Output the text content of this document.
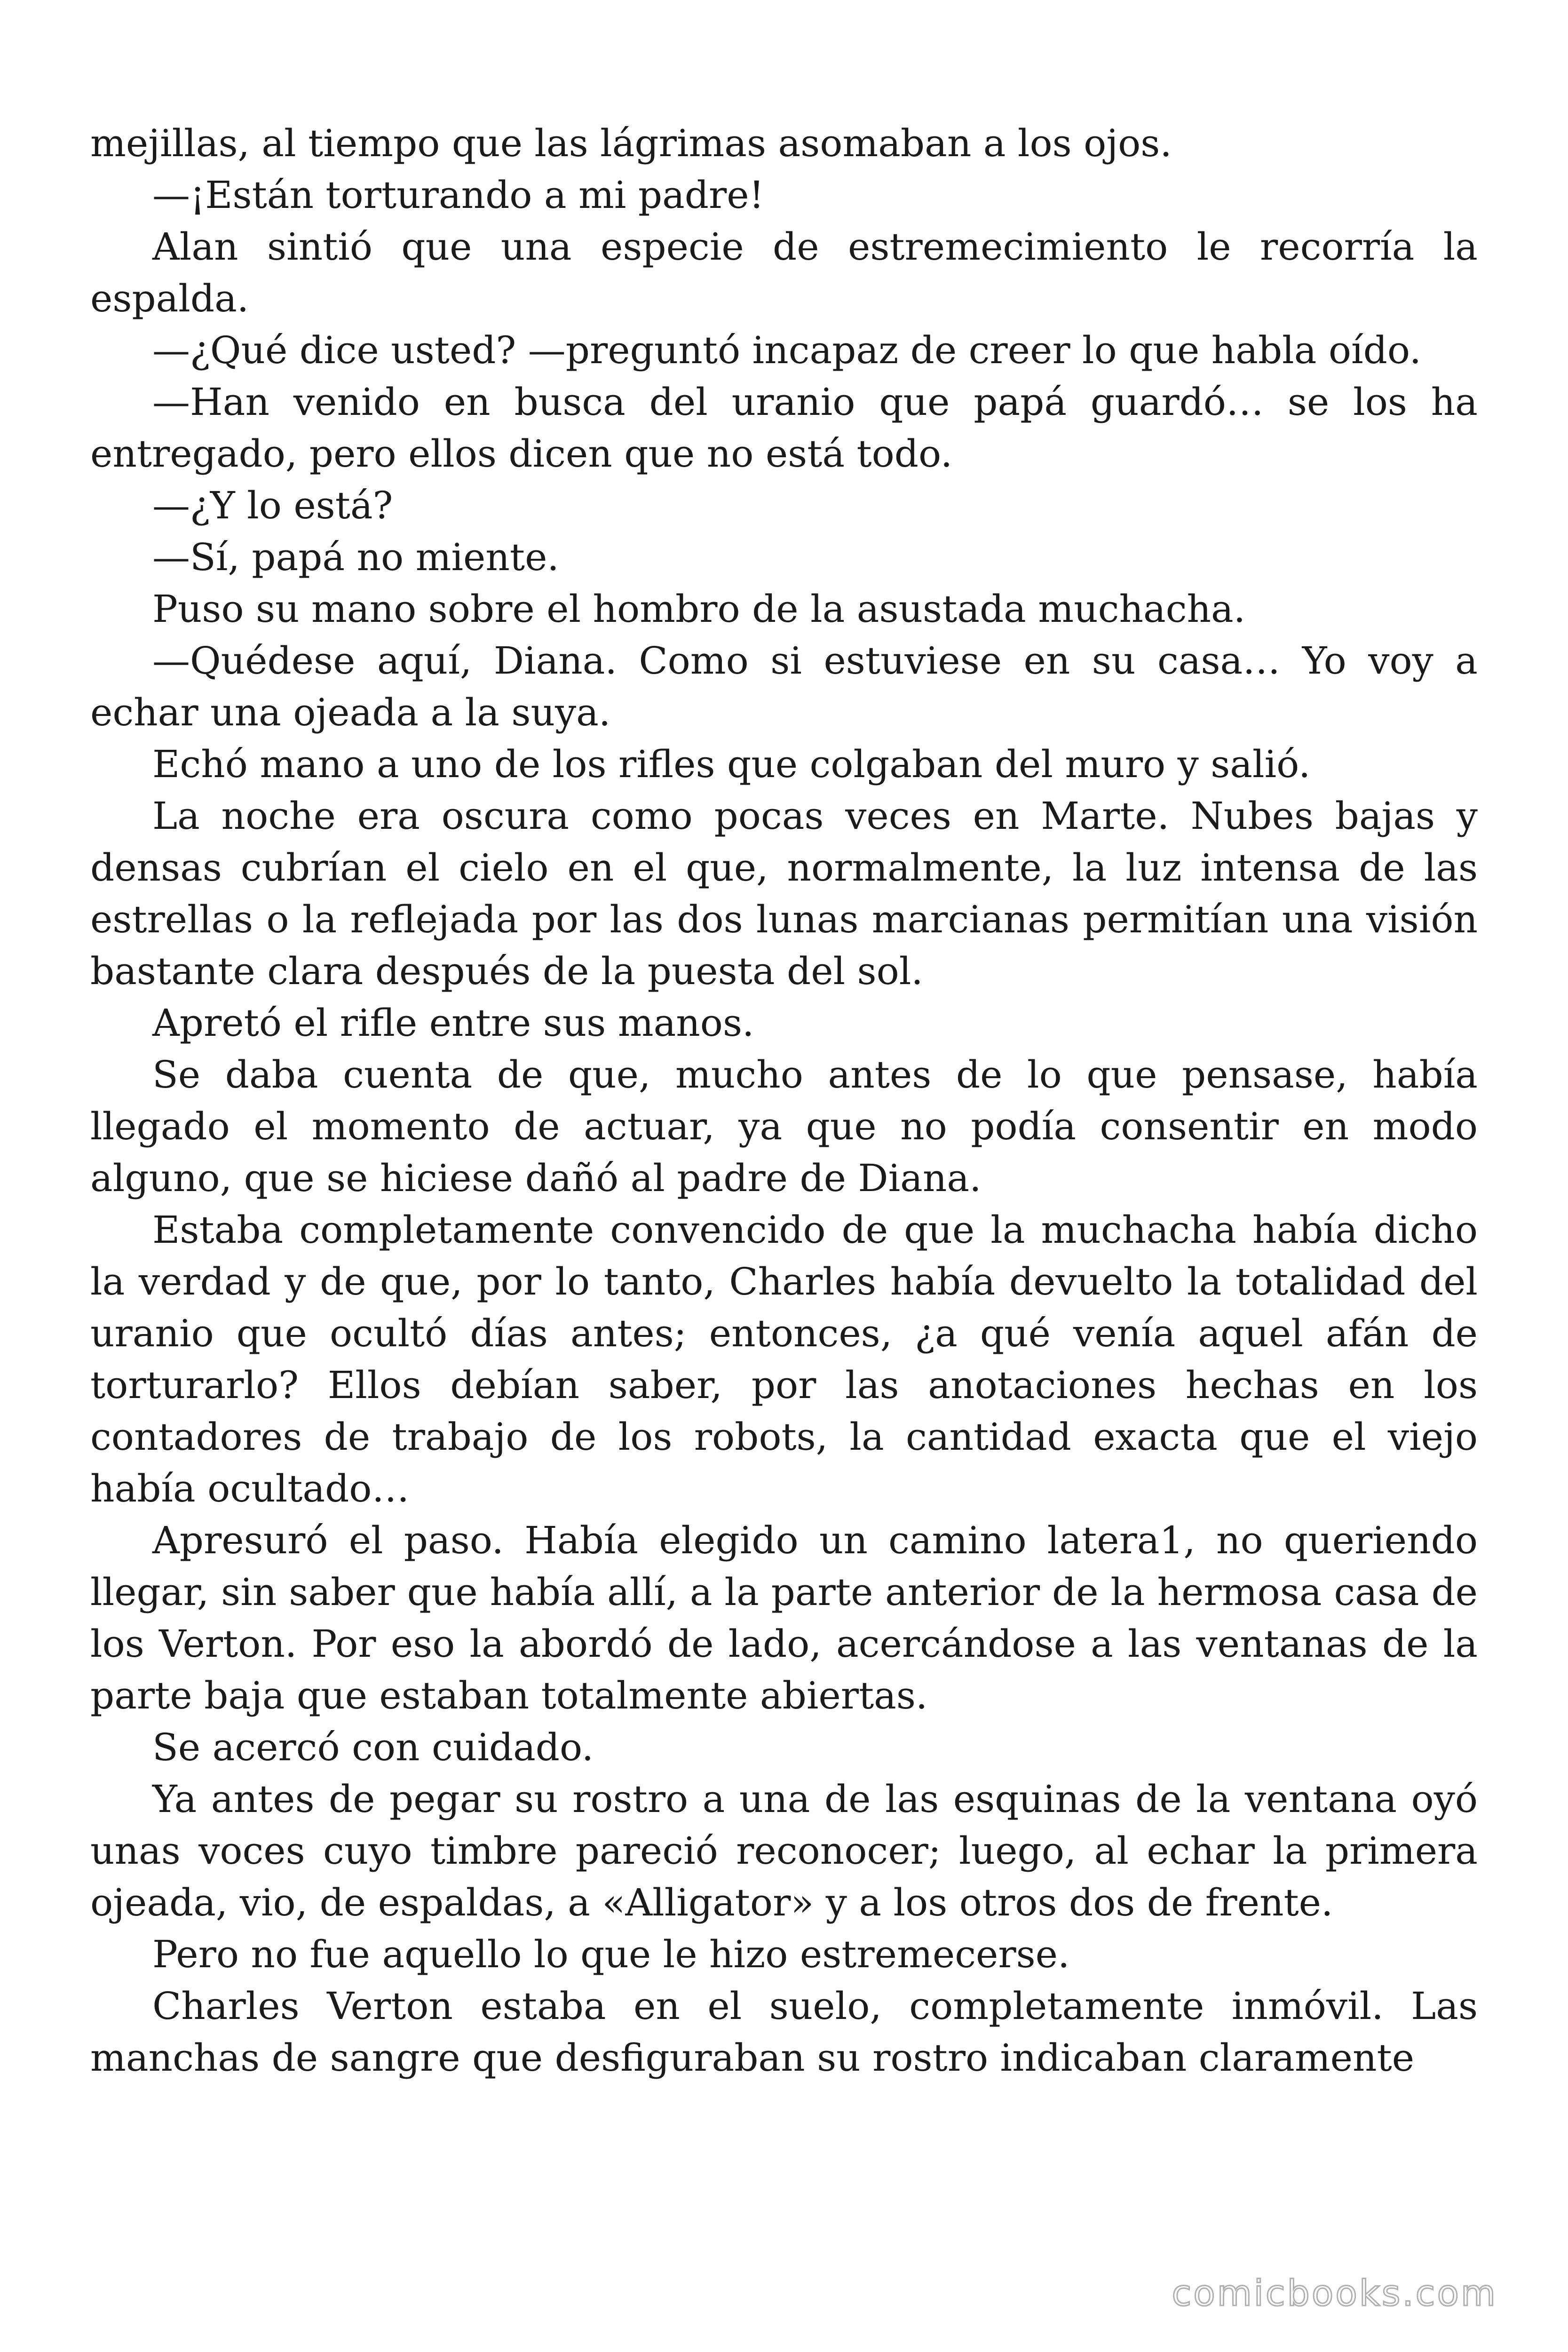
mejillas, al tiempo que las lágrimas asomaban a los ojos.

—¡Están torturando a mi padre!

Alan sintió que una especie de estremecimiento le recorría la espalda.

—¿Qué dice usted? —preguntó incapaz de creer lo que habla oído.

—Han venido en busca del uranio que papá guardó… se los ha entregado, pero ellos dicen que no está todo.

—¿Y lo está?

—Sí, papá no miente.

Puso su mano sobre el hombro de la asustada muchacha.

—Quédese aquí, Diana. Como si estuviese en su casa… Yo voy a echar una ojeada a la suya.

Echó mano a uno de los rifles que colgaban del muro y salió.

La noche era oscura como pocas veces en Marte. Nubes bajas y densas cubrían el cielo en el que, normalmente, la luz intensa de las estrellas o la reflejada por las dos lunas marcianas permitían una visión bastante clara después de la puesta del sol.

Apretó el rifle entre sus manos.

Se daba cuenta de que, mucho antes de lo que pensase, había llegado el momento de actuar, ya que no podía consentir en modo alguno, que se hiciese dañó al padre de Diana.

Estaba completamente convencido de que la muchacha había dicho la verdad y de que, por lo tanto, Charles había devuelto la totalidad del uranio que ocultó días antes; entonces, ¿a qué venía aquel afán de torturarlo? Ellos debían saber, por las anotaciones hechas en los contadores de trabajo de los robots, la cantidad exacta que el viejo había ocultado…

Apresuró el paso. Había elegido un camino latera1, no queriendo llegar, sin saber que había allí, a la parte anterior de la hermosa casa de los Verton. Por eso la abordó de lado, acercándose a las ventanas de la parte baja que estaban totalmente abiertas.

Se acercó con cuidado.

Ya antes de pegar su rostro a una de las esquinas de la ventana oyó unas voces cuyo timbre pareció reconocer; luego, al echar la primera ojeada, vio, de espaldas, a «Alligator» y a los otros dos de frente.

Pero no fue aquello lo que le hizo estremecerse.

Charles Verton estaba en el suelo, completamente inmóvil. Las manchas de sangre que desfiguraban su rostro indicaban claramente

comicbooks.com
